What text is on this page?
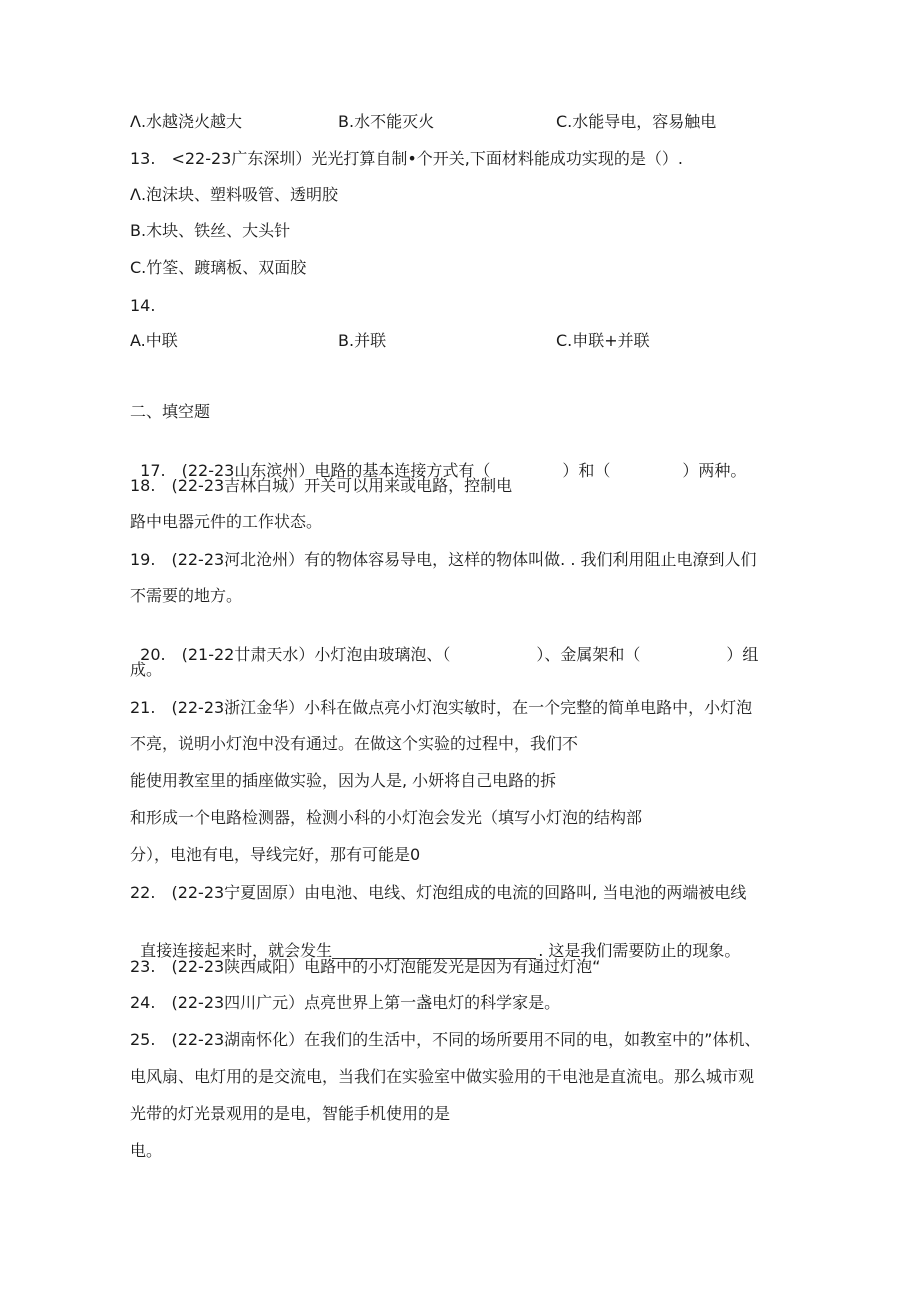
Λ.水越浇火越大	B.水不能灭火	C.水能导电，容易触电
13.　<22-23广东深圳）光光打算自制•个开关,下面材料能成功实现的是（）.
Λ.泡沫块、塑料吸管、透明胶
B.木块、铁丝、大头针
C.竹筌、踱璃板、双面胶
14.
A.中联	B.并联	C.申联+并联
二、填空题

17.　(22-23山东滨州）电路的基本连接方式有（	）和（	）两种。

18.　(22-23吉林白城）开关可以用来或电路，控制电
路中电器元件的工作状态。
19.　(22-23河北沧州）有的物体容易导电，这样的物体叫做. . 我们利用阻止电潦到人们
不需要的地方。

20.　(21-22廿肃天水）小灯泡由玻璃泡、（	）、金属架和（	）组

成。
21.　(22-23浙江金华）小科在做点亮小灯泡实敏时，在一个完整的简单电路中，小灯泡
不亮，说明小灯泡中没有通过。在做这个实验的过程中，我们不
能使用教室里的插座做实验，因为人是, 小妍将自己电路的拆
和形成一个电路检测器，检测小科的小灯泡会发光（填写小灯泡的结构部
分），电池有电，导线完好，那有可能是0
22.　(22-23宁夏固原）由电池、电线、灯泡组成的电流的回路叫, 当电池的两端被电线

直接连接起来时，就会发生	. 这是我们需要防止的现象。

23.　(22-23陕西咸阳）电路中的小灯泡能发光是因为有通过灯泡“
24.　(22-23四川广元）点亮世界上第一盏电灯的科学家是。
25.　(22-23湖南怀化）在我们的生活中，不同的场所要用不同的电，如教室中的”体机、
电风扇、电灯用的是交流电，当我们在实验室中做实验用的干电池是直流电。那么城市观
光带的灯光景观用的是电，智能手机使用的是
电。
